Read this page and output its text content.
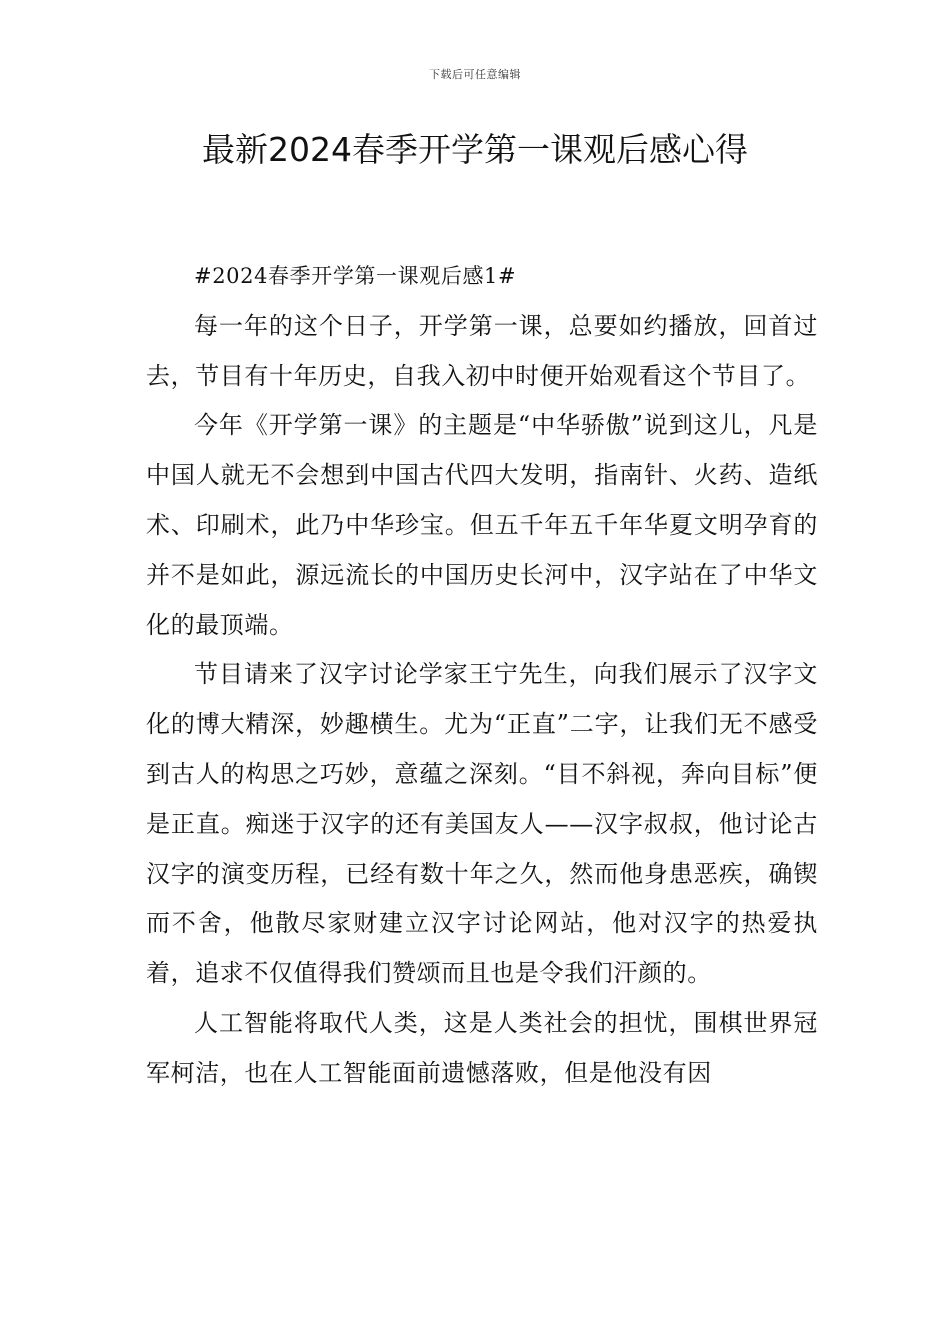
下载后可任意编辑
最新2024春季开学第一课观后感心得

#2024春季开学第一课观后感1#

每一年的这个日子，开学第一课，总要如约播放，回首过去，节目有十年历史，自我入初中时便开始观看这个节目了。

今年《开学第一课》的主题是“中华骄傲”说到这儿，凡是中国人就无不会想到中国古代四大发明，指南针、火药、造纸术、印刷术，此乃中华珍宝。但五千年五千年华夏文明孕育的并不是如此，源远流长的中国历史长河中，汉字站在了中华文化的最顶端。

节目请来了汉字讨论学家王宁先生，向我们展示了汉字文化的博大精深，妙趣横生。尤为“正直”二字，让我们无不感受到古人的构思之巧妙，意蕴之深刻。“目不斜视，奔向目标”便是正直。痴迷于汉字的还有美国友人——汉字叔叔，他讨论古汉字的演变历程，已经有数十年之久，然而他身患恶疾，确锲而不舍，他散尽家财建立汉字讨论网站，他对汉字的热爱执着，追求不仅值得我们赞颂而且也是令我们汗颜的。

人工智能将取代人类，这是人类社会的担忧，围棋世界冠军柯洁，也在人工智能面前遗憾落败，但是他没有因
